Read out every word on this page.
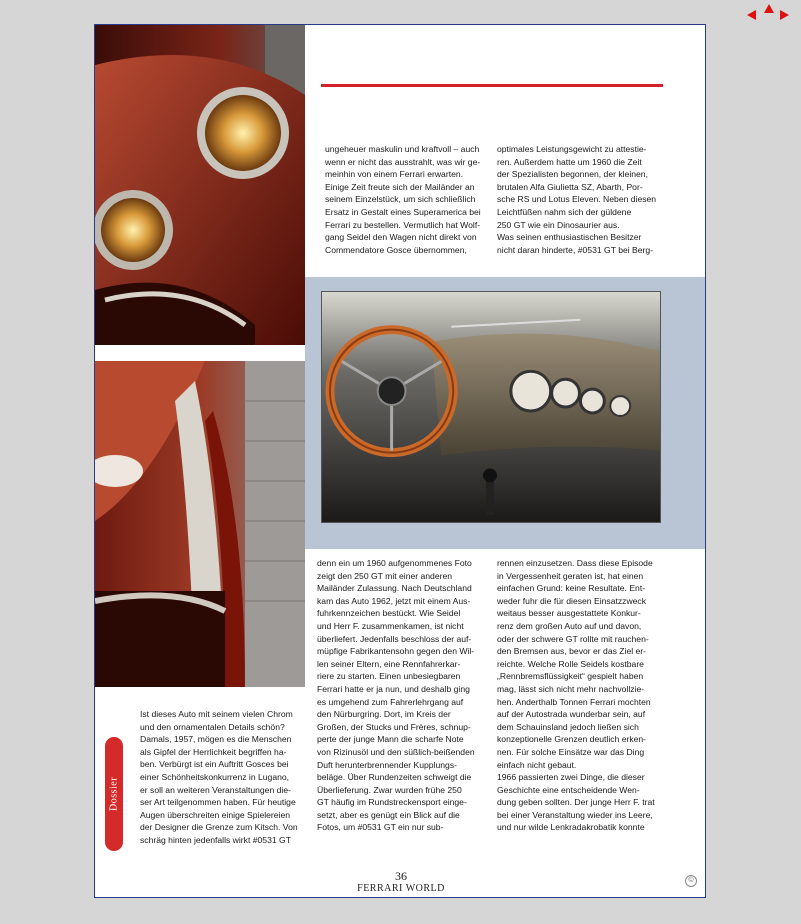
ungeheuer maskulin und kraftvoll – auch
wenn er nicht das ausstrahlt, was wir ge-
meinhin von einem Ferrari erwarten.
Einige Zeit freute sich der Mailänder an
seinem Einzelstück, um sich schließlich
Ersatz in Gestalt eines Superamerica bei
Ferrari zu bestellen. Vermutlich hat Wolf-
gang Seidel den Wagen nicht direkt von
Commendatore Gosce übernommen,

optimales Leistungsgewicht zu attestie-
ren. Außerdem hatte um 1960 die Zeit
der Spezialisten begonnen, der kleinen,
brutalen Alfa Giulietta SZ, Abarth, Por-
sche RS und Lotus Eleven. Neben diesen
Leichtfüßen nahm sich der güldene
250 GT wie ein Dinosaurier aus.
Was seinen enthusiastischen Besitzer
nicht daran hinderte, #0531 GT bei Berg-

denn ein um 1960 aufgenommenes Foto
zeigt den 250 GT mit einer anderen
Mailänder Zulassung. Nach Deutschland
kam das Auto 1962, jetzt mit einem Aus-
fuhrkennzeichen bestückt. Wie Seidel
und Herr F. zusammenkamen, ist nicht
überliefert. Jedenfalls beschloss der auf-
müpfige Fabrikantensohn gegen den Wil-
len seiner Eltern, eine Rennfahrerkar-
riere zu starten. Einen unbesiegbaren
Ferrari hatte er ja nun, und deshalb ging
es umgehend zum Fahrerlehrgang auf
den Nürburgring. Dort, im Kreis der
Großen, der Stucks und Frères, schnup-
perte der junge Mann die scharfe Note
von Rizinusöl und den süßlich-beißenden
Duft herunterbrennender Kupplungs-
beläge. Über Rundenzeiten schweigt die
Überlieferung. Zwar wurden frühe 250
GT häufig im Rundstreckensport einge-
setzt, aber es genügt ein Blick auf die
Fotos, um #0531 GT ein nur sub-

rennen einzusetzen. Dass diese Episode
in Vergessenheit geraten ist, hat einen
einfachen Grund: keine Resultate. Ent-
weder fuhr die für diesen Einsatzzweck
weitaus besser ausgestattete Konkur-
renz dem großen Auto auf und davon,
oder der schwere GT rollte mit rauchen-
den Bremsen aus, bevor er das Ziel er-
reichte. Welche Rolle Seidels kostbare
„Rennbremsflüssigkeit“ gespielt haben
mag, lässt sich nicht mehr nachvollzie-
hen. Anderthalb Tonnen Ferrari mochten
auf der Autostrada wunderbar sein, auf
dem Schauinsland jedoch ließen sich
konzeptionelle Grenzen deutlich erken-
nen. Für solche Einsätze war das Ding
einfach nicht gebaut.
1966 passierten zwei Dinge, die dieser
Geschichte eine entscheidende Wen-
dung geben sollten. Der junge Herr F. trat
bei einer Veranstaltung wieder ins Leere,
und nur wilde Lenkradakrobatik konnte

Ist dieses Auto mit seinem vielen Chrom
und den ornamentalen Details schön?
Damals, 1957, mögen es die Menschen
als Gipfel der Herrlichkeit begriffen ha-
ben. Verbürgt ist ein Auftritt Gosces bei
einer Schönheitskonkurrenz in Lugano,
er soll an weiteren Veranstaltungen die-
ser Art teilgenommen haben. Für heutige
Augen überschreiten einige Spielereien
der Designer die Grenze zum Kitsch. Von
schräg hinten jedenfalls wirkt #0531 GT

Dossier
36
FERRARI WORLD
©
